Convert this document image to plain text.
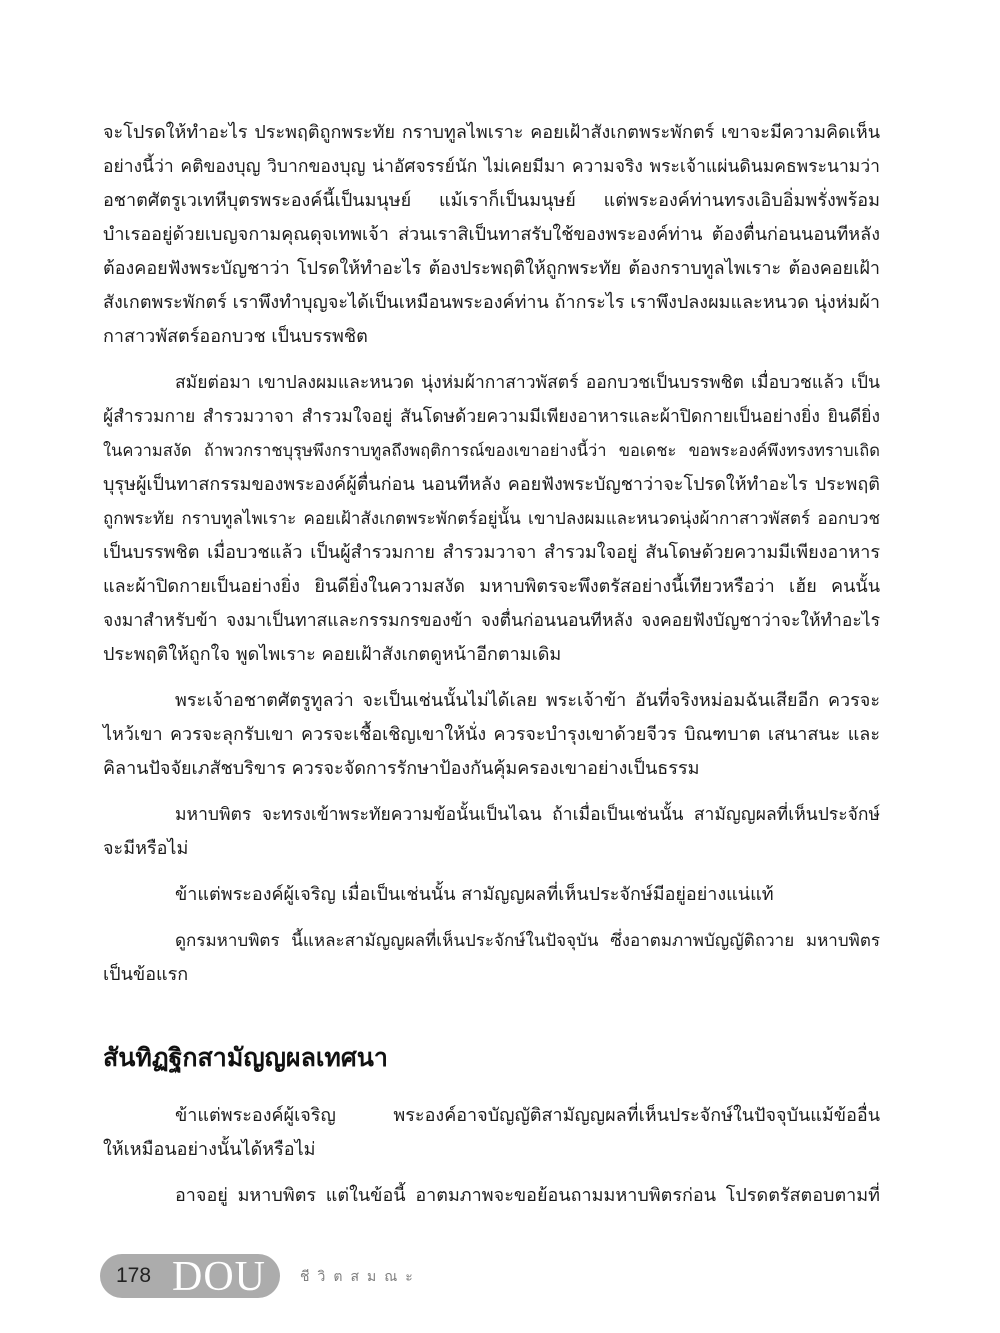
จะโปรดให้ทำอะไร ประพฤติถูกพระทัย กราบทูลไพเราะ คอยเฝ้าสังเกตพระพักตร์ เขาจะมีความคิดเห็น
อย่างนี้ว่า คติของบุญ วิบากของบุญ น่าอัศจรรย์นัก ไม่เคยมีมา ความจริง พระเจ้าแผ่นดินมคธพระนามว่า
อชาตศัตรูเวเทหีบุตรพระองค์นี้เป็นมนุษย์ แม้เราก็เป็นมนุษย์ แต่พระองค์ท่านทรงเอิบอิ่มพรั่งพร้อม
บำเรออยู่ด้วยเบญจกามคุณดุจเทพเจ้า ส่วนเราสิเป็นทาสรับใช้ของพระองค์ท่าน ต้องตื่นก่อนนอนทีหลัง
ต้องคอยฟังพระบัญชาว่า โปรดให้ทำอะไร ต้องประพฤติให้ถูกพระทัย ต้องกราบทูลไพเราะ ต้องคอยเฝ้า
สังเกตพระพักตร์ เราพึงทำบุญจะได้เป็นเหมือนพระองค์ท่าน ถ้ากระไร เราพึงปลงผมและหนวด นุ่งห่มผ้า
กาสาวพัสตร์ออกบวช เป็นบรรพชิต
สมัยต่อมา เขาปลงผมและหนวด นุ่งห่มผ้ากาสาวพัสตร์ ออกบวชเป็นบรรพชิต เมื่อบวชแล้ว เป็น
ผู้สำรวมกาย สำรวมวาจา สำรวมใจอยู่ สันโดษด้วยความมีเพียงอาหารและผ้าปิดกายเป็นอย่างยิ่ง ยินดียิ่ง
ในความสงัด ถ้าพวกราชบุรุษพึงกราบทูลถึงพฤติการณ์ของเขาอย่างนี้ว่า ขอเดชะ ขอพระองค์พึงทรงทราบเถิด
บุรุษผู้เป็นทาสกรรมของพระองค์ผู้ตื่นก่อน นอนทีหลัง คอยฟังพระบัญชาว่าจะโปรดให้ทำอะไร ประพฤติ
ถูกพระทัย กราบทูลไพเราะ คอยเฝ้าสังเกตพระพักตร์อยู่นั้น เขาปลงผมและหนวดนุ่งผ้ากาสาวพัสตร์ ออกบวช
เป็นบรรพชิต เมื่อบวชแล้ว เป็นผู้สำรวมกาย สำรวมวาจา สำรวมใจอยู่ สันโดษด้วยความมีเพียงอาหาร
และผ้าปิดกายเป็นอย่างยิ่ง ยินดียิ่งในความสงัด มหาบพิตรจะพึงตรัสอย่างนี้เทียวหรือว่า เฮ้ย คนนั้น
จงมาสำหรับข้า จงมาเป็นทาสและกรรมกรของข้า จงตื่นก่อนนอนทีหลัง จงคอยฟังบัญชาว่าจะให้ทำอะไร
ประพฤติให้ถูกใจ พูดไพเราะ คอยเฝ้าสังเกตดูหน้าอีกตามเดิม
พระเจ้าอชาตศัตรูทูลว่า จะเป็นเช่นนั้นไม่ได้เลย พระเจ้าข้า อันที่จริงหม่อมฉันเสียอีก ควรจะ
ไหว้เขา ควรจะลุกรับเขา ควรจะเชื้อเชิญเขาให้นั่ง ควรจะบำรุงเขาด้วยจีวร บิณฑบาต เสนาสนะ และ
คิลานปัจจัยเภสัชบริขาร ควรจะจัดการรักษาป้องกันคุ้มครองเขาอย่างเป็นธรรม
มหาบพิตร จะทรงเข้าพระทัยความข้อนั้นเป็นไฉน ถ้าเมื่อเป็นเช่นนั้น สามัญญผลที่เห็นประจักษ์
จะมีหรือไม่
ข้าแต่พระองค์ผู้เจริญ เมื่อเป็นเช่นนั้น สามัญญผลที่เห็นประจักษ์มีอยู่อย่างแน่แท้
ดูกรมหาบพิตร นี้แหละสามัญญผลที่เห็นประจักษ์ในปัจจุบัน ซึ่งอาตมภาพบัญญัติถวาย มหาบพิตร
เป็นข้อแรก
สันทิฏฐิกสามัญญผลเทศนา
ข้าแต่พระองค์ผู้เจริญ พระองค์อาจบัญญัติสามัญญผลที่เห็นประจักษ์ในปัจจุบันแม้ข้ออื่น
ให้เหมือนอย่างนั้นได้หรือไม่
อาจอยู่ มหาบพิตร แต่ในข้อนี้ อาตมภาพจะขอย้อนถามมหาบพิตรก่อน โปรดตรัสตอบตามที่
178 DOU ชีวิตสมณะ
